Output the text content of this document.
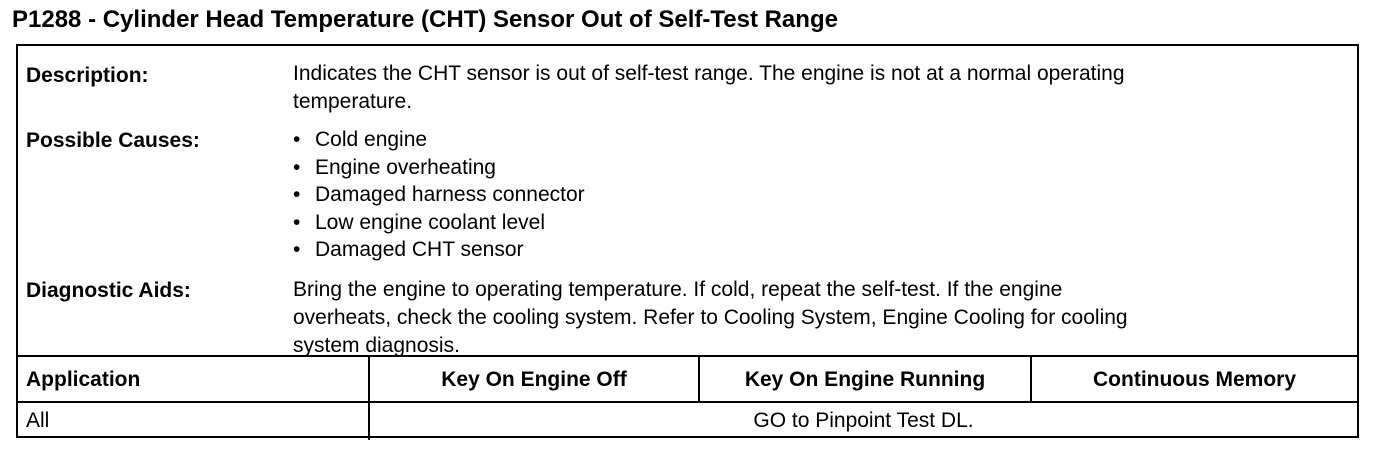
P1288 - Cylinder Head Temperature (CHT) Sensor Out of Self-Test Range
Description:	Indicates the CHT sensor is out of self-test range. The engine is not at a normal operating
temperature.
Possible Causes:
•	Cold engine
• Engine overheating
• Damaged harness connector
• Low engine coolant level
• Damaged CHT sensor
Diagnostic Aids:	Bring the engine to operating temperature. If cold, repeat the self-test. If the engine
overheats, check the cooling system. Refer to Cooling System, Engine Cooling for cooling
system diagnosis.
Application	Key On Engine Off	Key On Engine Running	Continuous Memory
All	GO to Pinpoint Test DL.
